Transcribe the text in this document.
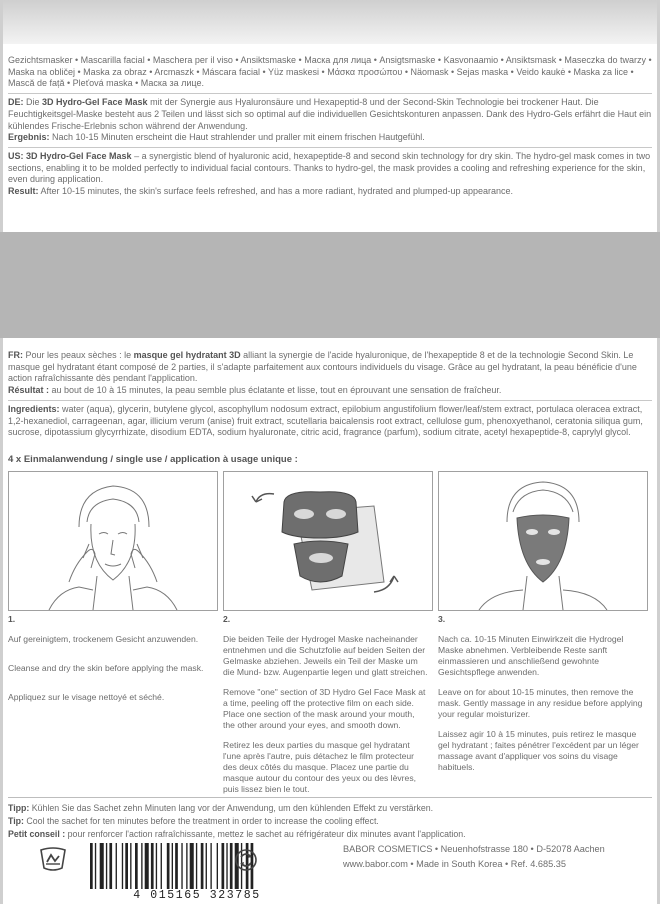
Gezichtsmasker • Mascarilla facial • Maschera per il viso • Ansiktsmaske • Маска для лица • Ansigtsmaske • Kasvonaamio • Ansiktsmask • Maseczka do twarzy • Maska na obličej • Maska za obraz • Arcmaszk • Máscara facial • Yüz maskesi • Μάσκα προσώπου • Näomask • Sejas maska • Veido kaukė • Maska za lice • Mască de față • Pleťová maska • Маска за лице.

DE: Die 3D Hydro-Gel Face Mask mit der Synergie aus Hyaluronsäure und Hexapeptid-8 und der Second-Skin Technologie bei trockener Haut. Die Feuchtigkeitsgel-Maske besteht aus 2 Teilen und lässt sich so optimal auf die individuellen Gesichtskonturen anpassen. Dank des Hydro-Gels erfährt die Haut ein kühlendes Frische-Erlebnis schon während der Anwendung.

Ergebnis: Nach 10-15 Minuten erscheint die Haut strahlender und praller mit einem frischen Hautgefühl.

US: 3D Hydro-Gel Face Mask – a synergistic blend of hyaluronic acid, hexapeptide-8 and second skin technology for dry skin. The hydro-gel mask comes in two sections, enabling it to be molded perfectly to individual facial contours. Thanks to hydro-gel, the mask provides a cooling and refreshing experience for the skin, even during application.

Result: After 10-15 minutes, the skin's surface feels refreshed, and has a more radiant, hydrated and plumped-up appearance.

FR: Pour les peaux sèches : le masque gel hydratant 3D alliant la synergie de l'acide hyaluronique, de l'hexapeptide 8 et de la technologie Second Skin. Le masque gel hydratant étant composé de 2 parties, il s'adapte parfaitement aux contours individuels du visage. Grâce au gel hydratant, la peau bénéficie d'une action rafraîchissante dès pendant l'application.

Résultat : au bout de 10 à 15 minutes, la peau semble plus éclatante et lisse, tout en éprouvant une sensation de fraîcheur.

Ingredients: water (aqua), glycerin, butylene glycol, ascophyllum nodosum extract, epilobium angustifolium flower/leaf/stem extract, portulaca oleracea extract, 1,2-hexanediol, carrageenan, agar, illicium verum (anise) fruit extract, scutellaria baicalensis root extract, cellulose gum, phenoxyethanol, ceratonia siliqua gum, sucrose, dipotassium glycyrrhizate, disodium EDTA, sodium hyaluronate, citric acid, fragrance (parfum), sodium citrate, acetyl hexapeptide-8, caprylyl glycol.

4 x Einmalanwendung / single use / application à usage unique :

1.

Auf gereinigtem, trockenem Gesicht anzuwenden.

Cleanse and dry the skin before applying the mask.

Appliquez sur le visage nettoyé et séché.

2.

Die beiden Teile der Hydrogel Maske nacheinander entnehmen und die Schutzfolie auf beiden Seiten der Gelmaske abziehen. Jeweils ein Teil der Maske um die Mund- bzw. Augenpartie legen und glatt streichen.

Remove "one" section of 3D Hydro Gel Face Mask at a time, peeling off the protective film on each side. Place one section of the mask around your mouth, the other around your eyes, and smooth down.

Retirez les deux parties du masque gel hydratant l'une après l'autre, puis détachez le film protecteur des deux côtés du masque. Placez une partie du masque autour du contour des yeux ou des lèvres, puis lissez bien le tout.

3.

Nach ca. 10-15 Minuten Einwirkzeit die Hydrogel Maske abnehmen. Verbleibende Reste sanft einmassieren und anschließend gewohnte Gesichtspflege anwenden.

Leave on for about 10-15 minutes, then remove the mask. Gently massage in any residue before applying your regular moisturizer.

Laissez agir 10 à 15 minutes, puis retirez le masque gel hydratant ; faites pénétrer l'excédent par un léger massage avant d'appliquer vos soins du visage habituels.

Tipp: Kühlen Sie das Sachet zehn Minuten lang vor der Anwendung, um den kühlenden Effekt zu verstärken.

Tip: Cool the sachet for ten minutes before the treatment in order to increase the cooling effect.

Petit conseil : pour renforcer l'action rafraîchissante, mettez le sachet au réfrigérateur dix minutes avant l'application.

4 015165 323785

BABOR COSMETICS • Neuenhofstrasse 180 • D-52078 Aachen

www.babor.com • Made in South Korea • Ref. 4.685.35
